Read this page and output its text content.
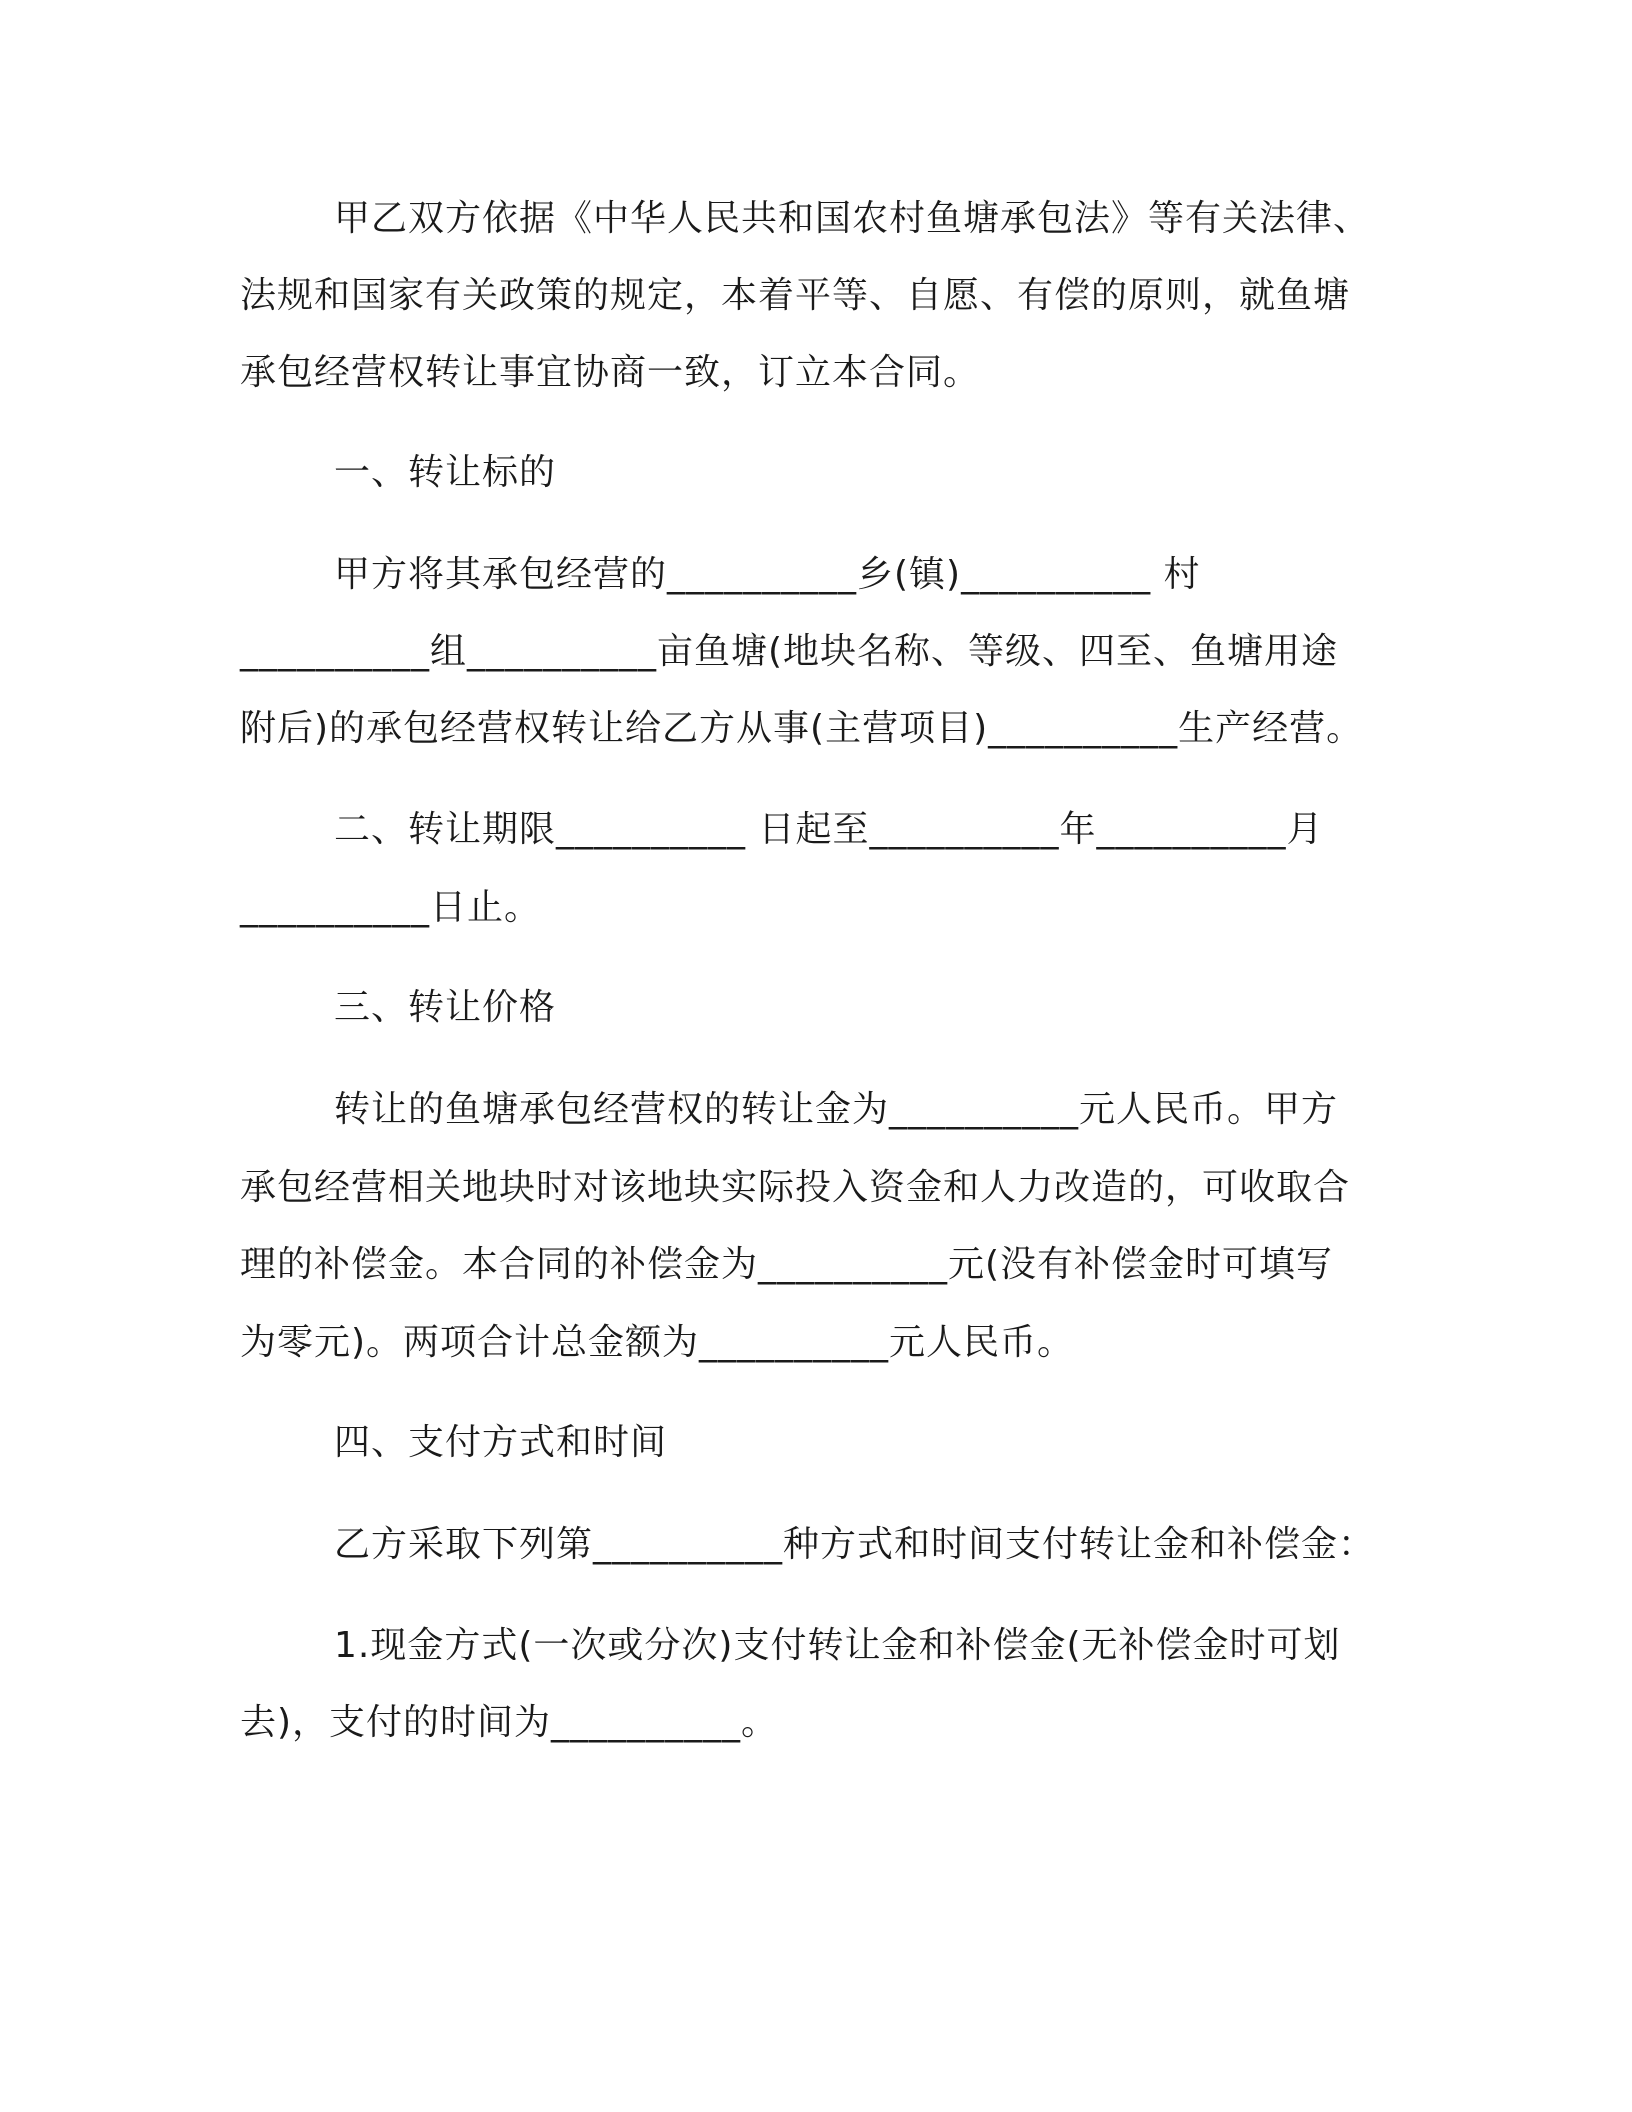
甲乙双方依据《中华人民共和国农村鱼塘承包法》等有关法律、
法规和国家有关政策的规定，本着平等、自愿、有偿的原则，就鱼塘
承包经营权转让事宜协商一致，订立本合同。
一、转让标的
甲方将其承包经营的__________乡(镇)__________ 村
__________组__________亩鱼塘(地块名称、等级、四至、鱼塘用途
附后)的承包经营权转让给乙方从事(主营项目)__________生产经营。
二、转让期限__________ 日起至__________年__________月
__________日止。
三、转让价格
转让的鱼塘承包经营权的转让金为__________元人民币。甲方
承包经营相关地块时对该地块实际投入资金和人力改造的，可收取合
理的补偿金。本合同的补偿金为__________元(没有补偿金时可填写
为零元)。两项合计总金额为__________元人民币。
四、支付方式和时间
乙方采取下列第__________种方式和时间支付转让金和补偿金：
1.现金方式(一次或分次)支付转让金和补偿金(无补偿金时可划
去)，支付的时间为__________。
